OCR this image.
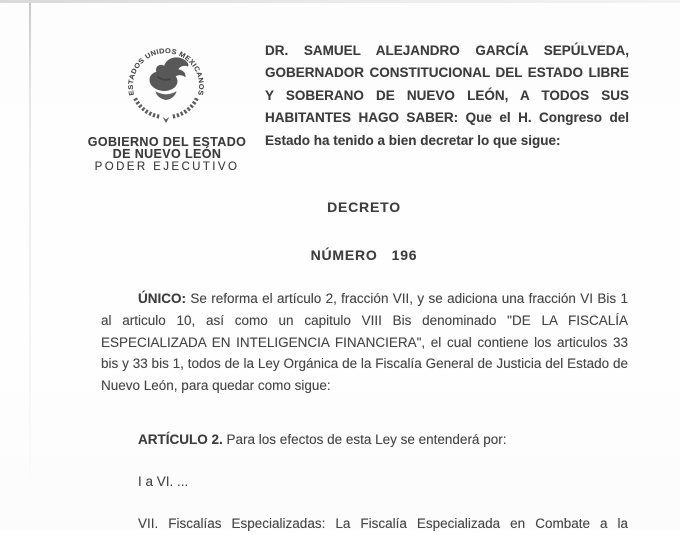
ESTADOS UNIDOS MEXICANOS
GOBIERNO DEL ESTADO
DE NUEVO LEÓN
PODER EJECUTIVO
DR. SAMUEL ALEJANDRO GARCÍA SEPÚLVEDA, GOBERNADOR CONSTITUCIONAL DEL ESTADO LIBRE Y SOBERANO DE NUEVO LEÓN, A TODOS SUS HABITANTES HAGO SABER: Que el H. Congreso del Estado ha tenido a bien decretar lo que sigue:
DECRETO
NÚMERO 196
ÚNICO: Se reforma el artículo 2, fracción VII, y se adiciona una fracción VI Bis 1 al articulo 10, así como un capitulo VIII Bis denominado "DE LA FISCALÍA ESPECIALIZADA EN INTELIGENCIA FINANCIERA", el cual contiene los articulos 33 bis y 33 bis 1, todos de la Ley Orgánica de la Fiscalía General de Justicia del Estado de Nuevo León, para quedar como sigue:
ARTÍCULO 2. Para los efectos de esta Ley se entenderá por:
I a VI. ...
VII. Fiscalías Especializadas: La Fiscalía Especializada en Combate a la
